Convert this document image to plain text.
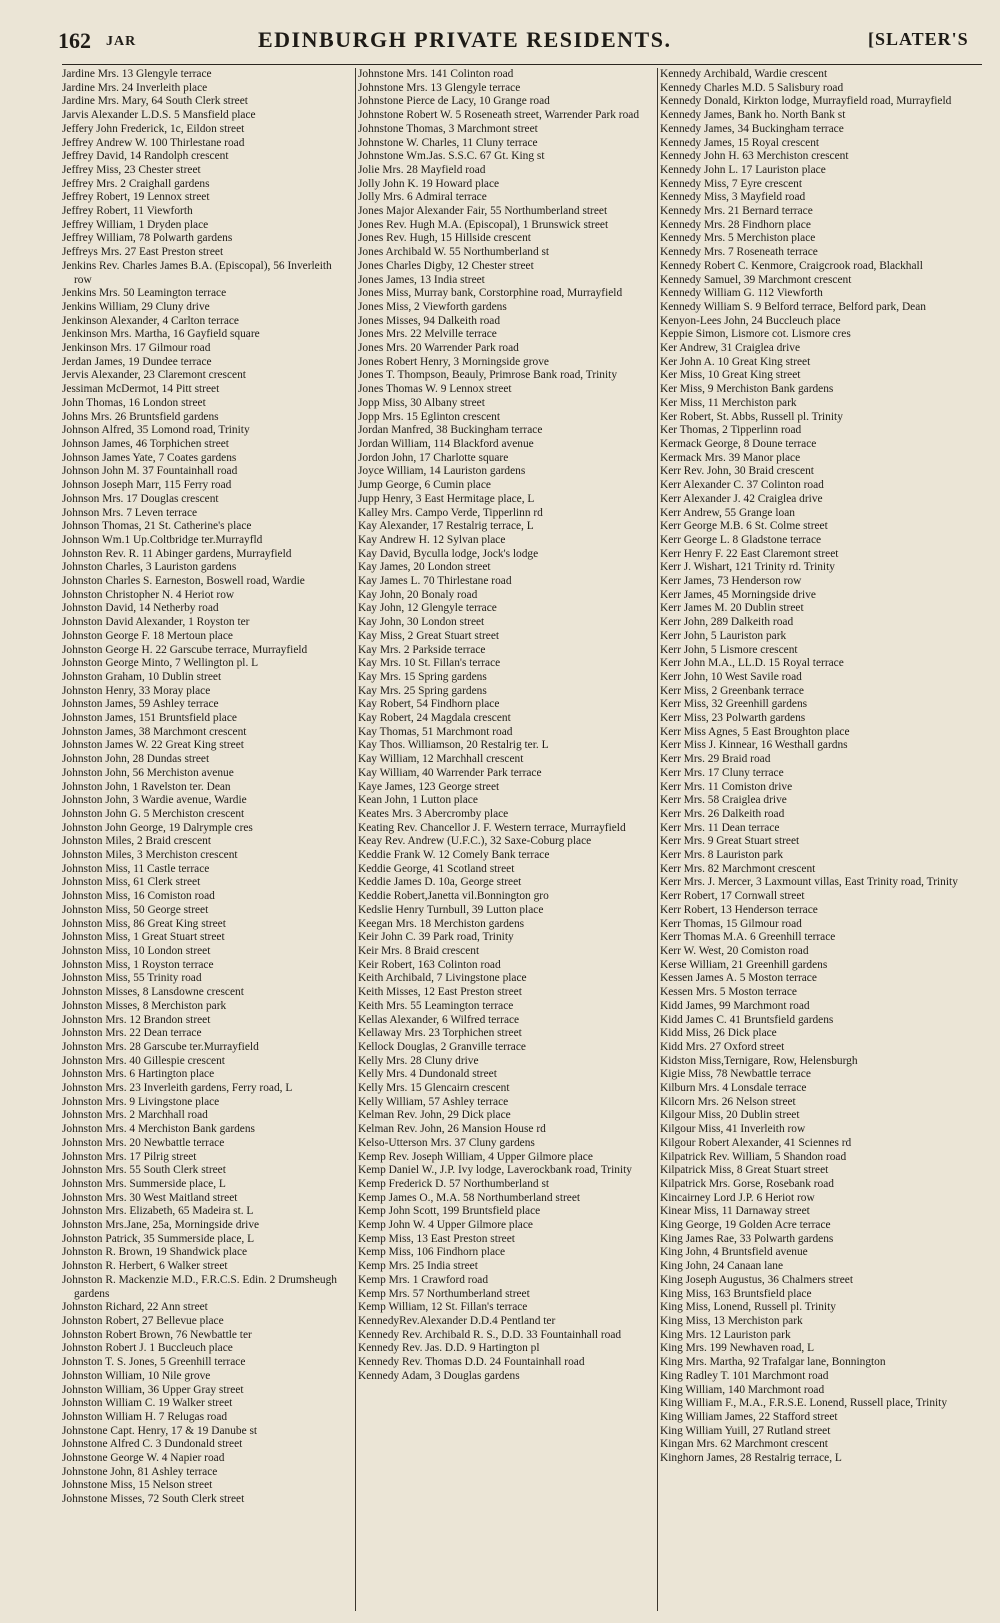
162 JAR	EDINBURGH PRIVATE RESIDENTS.	[SLATER'S
Jardine Mrs. 13 Glengyle terrace
Jardine Mrs. 24 Inverleith place
Jardine Mrs. Mary, 64 South Clerk street
Jarvis Alexander L.D.S. 5 Mansfield place
Jeffery John Frederick, 1c, Eildon street
Jeffrey Andrew W. 100 Thirlestane road
Jeffrey David, 14 Randolph crescent
Jeffrey Miss, 23 Chester street
Jeffrey Mrs. 2 Craighall gardens
Jeffrey Robert, 19 Lennox street
Jeffrey Robert, 11 Viewforth
Jeffrey William, 1 Dryden place
Jeffrey William, 78 Polwarth gardens
Jeffreys Mrs. 27 East Preston street
Jenkins Rev. Charles James B.A. (Episcopal), 56 Inverleith row
Jenkins Mrs. 50 Leamington terrace
Jenkins William, 29 Cluny drive
Jenkinson Alexander, 4 Carlton terrace
Jenkinson Mrs. Martha, 16 Gayfield square
Jenkinson Mrs. 17 Gilmour road
Jerdan James, 19 Dundee terrace
Jervis Alexander, 23 Claremont crescent
Jessiman McDermot, 14 Pitt street
John Thomas, 16 London street
Johns Mrs. 26 Bruntsfield gardens
Johnson Alfred, 35 Lomond road, Trinity
Johnson James, 46 Torphichen street
Johnson James Yate, 7 Coates gardens
Johnson John M. 37 Fountainhall road
Johnson Joseph Marr, 115 Ferry road
Johnson Mrs. 17 Douglas crescent
Johnson Mrs. 7 Leven terrace
Johnson Thomas, 21 St. Catherine's place
Johnson Wm.1 Up.Coltbridge ter.Murrayfld
Johnston Rev. R. 11 Abinger gardens, Murrayfield
Johnston Charles, 3 Lauriston gardens
Johnston Charles S. Earneston, Boswell road, Wardie
Johnston Christopher N. 4 Heriot row
Johnston David, 14 Netherby road
Johnston David Alexander, 1 Royston ter
Johnston George F. 18 Mertoun place
Johnston George H. 22 Garscube terrace, Murrayfield
Johnston George Minto, 7 Wellington pl. L
Johnston Graham, 10 Dublin street
Johnston Henry, 33 Moray place
Johnston James, 59 Ashley terrace
Johnston James, 151 Bruntsfield place
Johnston James, 38 Marchmont crescent
Johnston James W. 22 Great King street
Johnston John, 28 Dundas street
Johnston John, 56 Merchiston avenue
Johnston John, 1 Ravelston ter. Dean
Johnston John, 3 Wardie avenue, Wardie
Johnston John G. 5 Merchiston crescent
Johnston John George, 19 Dalrymple cres
Johnston Miles, 2 Braid crescent
Johnston Miles, 3 Merchiston crescent
Johnston Miss, 11 Castle terrace
Johnston Miss, 61 Clerk street
Johnston Miss, 16 Comiston road
Johnston Miss, 50 George street
Johnston Miss, 86 Great King street
Johnston Miss, 1 Great Stuart street
Johnston Miss, 10 London street
Johnston Miss, 1 Royston terrace
Johnston Miss, 55 Trinity road
Johnston Misses, 8 Lansdowne crescent
Johnston Misses, 8 Merchiston park
Johnston Mrs. 12 Brandon street
Johnston Mrs. 22 Dean terrace
Johnston Mrs. 28 Garscube ter.Murrayfield
Johnston Mrs. 40 Gillespie crescent
Johnston Mrs. 6 Hartington place
Johnston Mrs. 23 Inverleith gardens, Ferry road, L
Johnston Mrs. 9 Livingstone place
Johnston Mrs. 2 Marchhall road
Johnston Mrs. 4 Merchiston Bank gardens
Johnston Mrs. 20 Newbattle terrace
Johnston Mrs. 17 Pilrig street
Johnston Mrs. 55 South Clerk street
Johnston Mrs. Summerside place, L
Johnston Mrs. 30 West Maitland street
Johnston Mrs. Elizabeth, 65 Madeira st. L
Johnston Mrs.Jane, 25a, Morningside drive
Johnston Patrick, 35 Summerside place, L
Johnston R. Brown, 19 Shandwick place
Johnston R. Herbert, 6 Walker street
Johnston R. Mackenzie M.D., F.R.C.S. Edin. 2 Drumsheugh gardens
Johnston Richard, 22 Ann street
Johnston Robert, 27 Bellevue place
Johnston Robert Brown, 76 Newbattle ter
Johnston Robert J. 1 Buccleuch place
Johnston T. S. Jones, 5 Greenhill terrace
Johnston William, 10 Nile grove
Johnston William, 36 Upper Gray street
Johnston William C. 19 Walker street
Johnston William H. 7 Relugas road
Johnstone Capt. Henry, 17 & 19 Danube st
Johnstone Alfred C. 3 Dundonald street
Johnstone George W. 4 Napier road
Johnstone John, 81 Ashley terrace
Johnstone Miss, 15 Nelson street
Johnstone Misses, 72 South Clerk street
Johnstone Mrs. 141 Colinton road
Johnstone Mrs. 13 Glengyle terrace
Johnstone Pierce de Lacy, 10 Grange road
Johnstone Robert W. 5 Roseneath street, Warrender Park road
Johnstone Thomas, 3 Marchmont street
Johnstone W. Charles, 11 Cluny terrace
Johnstone Wm.Jas. S.S.C. 67 Gt. King st
Jolie Mrs. 28 Mayfield road
Jolly John K. 19 Howard place
Jolly Mrs. 6 Admiral terrace
Jones Major Alexander Fair, 55 Northumberland street
Jones Rev. Hugh M.A. (Episcopal), 1 Brunswick street
Jones Rev. Hugh, 15 Hillside crescent
Jones Archibald W. 55 Northumberland st
Jones Charles Digby, 12 Chester street
Jones James, 13 India street
Jones Miss, Murray bank, Corstorphine road, Murrayfield
Jones Miss, 2 Viewforth gardens
Jones Misses, 94 Dalkeith road
Jones Mrs. 22 Melville terrace
Jones Mrs. 20 Warrender Park road
Jones Robert Henry, 3 Morningside grove
Jones T. Thompson, Beauly, Primrose Bank road, Trinity
Jones Thomas W. 9 Lennox street
Jopp Miss, 30 Albany street
Jopp Mrs. 15 Eglinton crescent
Jordan Manfred, 38 Buckingham terrace
Jordan William, 114 Blackford avenue
Jordon John, 17 Charlotte square
Joyce William, 14 Lauriston gardens
Jump George, 6 Cumin place
Jupp Henry, 3 East Hermitage place, L
Kalley Mrs. Campo Verde, Tipperlinn rd
Kay Alexander, 17 Restalrig terrace, L
Kay Andrew H. 12 Sylvan place
Kay David, Byculla lodge, Jock's lodge
Kay James, 20 London street
Kay James L. 70 Thirlestane road
Kay John, 20 Bonaly road
Kay John, 12 Glengyle terrace
Kay John, 30 London street
Kay Miss, 2 Great Stuart street
Kay Mrs. 2 Parkside terrace
Kay Mrs. 10 St. Fillan's terrace
Kay Mrs. 15 Spring gardens
Kay Mrs. 25 Spring gardens
Kay Robert, 54 Findhorn place
Kay Robert, 24 Magdala crescent
Kay Thomas, 51 Marchmont road
Kay Thos. Williamson, 20 Restalrig ter. L
Kay William, 12 Marchhall crescent
Kay William, 40 Warrender Park terrace
Kaye James, 123 George street
Kean John, 1 Lutton place
Keates Mrs. 3 Abercromby place
Keating Rev. Chancellor J. F. Western terrace, Murrayfield
Keay Rev. Andrew (U.F.C.), 32 Saxe-Coburg place
Keddie Frank W. 12 Comely Bank terrace
Keddie George, 41 Scotland street
Keddie James D. 10a, George street
Keddie Robert,Janetta vil.Bonnington gro
Kedslie Henry Turnbull, 39 Lutton place
Keegan Mrs. 18 Merchiston gardens
Keir John C. 39 Park road, Trinity
Keir Mrs. 8 Braid crescent
Keir Robert, 163 Colinton road
Keith Archibald, 7 Livingstone place
Keith Misses, 12 East Preston street
Keith Mrs. 55 Leamington terrace
Kellas Alexander, 6 Wilfred terrace
Kellaway Mrs. 23 Torphichen street
Kellock Douglas, 2 Granville terrace
Kelly Mrs. 28 Cluny drive
Kelly Mrs. 4 Dundonald street
Kelly Mrs. 15 Glencairn crescent
Kelly William, 57 Ashley terrace
Kelman Rev. John, 29 Dick place
Kelman Rev. John, 26 Mansion House rd
Kelso-Utterson Mrs. 37 Cluny gardens
Kemp Rev. Joseph William, 4 Upper Gilmore place
Kemp Daniel W., J.P. Ivy lodge, Laverockbank road, Trinity
Kemp Frederick D. 57 Northumberland st
Kemp James O., M.A. 58 Northumberland street
Kemp John Scott, 199 Bruntsfield place
Kemp John W. 4 Upper Gilmore place
Kemp Miss, 13 East Preston street
Kemp Miss, 106 Findhorn place
Kemp Mrs. 25 India street
Kemp Mrs. 1 Crawford road
Kemp Mrs. 57 Northumberland street
Kemp William, 12 St. Fillan's terrace
KennedyRev.Alexander D.D.4 Pentland ter
Kennedy Rev. Archibald R. S., D.D. 33 Fountainhall road
Kennedy Rev. Jas. D.D. 9 Hartington pl
Kennedy Rev. Thomas D.D. 24 Fountainhall road
Kennedy Adam, 3 Douglas gardens
Kennedy Archibald, Wardie crescent
Kennedy Charles M.D. 5 Salisbury road
Kennedy Donald, Kirkton lodge, Murrayfield road, Murrayfield
Kennedy James, Bank ho. North Bank st
Kennedy James, 34 Buckingham terrace
Kennedy James, 15 Royal crescent
Kennedy John H. 63 Merchiston crescent
Kennedy John L. 17 Lauriston place
Kennedy Miss, 7 Eyre crescent
Kennedy Miss, 3 Mayfield road
Kennedy Mrs. 21 Bernard terrace
Kennedy Mrs. 28 Findhorn place
Kennedy Mrs. 5 Merchiston place
Kennedy Mrs. 7 Roseneath terrace
Kennedy Robert C. Kenmore, Craigcrook road, Blackhall
Kennedy Samuel, 39 Marchmont crescent
Kennedy William G. 112 Viewforth
Kennedy William S. 9 Belford terrace, Belford park, Dean
Kenyon-Lees John, 24 Buccleuch place
Keppie Simon, Lismore cot. Lismore cres
Ker Andrew, 31 Craiglea drive
Ker John A. 10 Great King street
Ker Miss, 10 Great King street
Ker Miss, 9 Merchiston Bank gardens
Ker Miss, 11 Merchiston park
Ker Robert, St. Abbs, Russell pl. Trinity
Ker Thomas, 2 Tipperlinn road
Kermack George, 8 Doune terrace
Kermack Mrs. 39 Manor place
Kerr Rev. John, 30 Braid crescent
Kerr Alexander C. 37 Colinton road
Kerr Alexander J. 42 Craiglea drive
Kerr Andrew, 55 Grange loan
Kerr George M.B. 6 St. Colme street
Kerr George L. 8 Gladstone terrace
Kerr Henry F. 22 East Claremont street
Kerr J. Wishart, 121 Trinity rd. Trinity
Kerr James, 73 Henderson row
Kerr James, 45 Morningside drive
Kerr James M. 20 Dublin street
Kerr John, 289 Dalkeith road
Kerr John, 5 Lauriston park
Kerr John, 5 Lismore crescent
Kerr John M.A., LL.D. 15 Royal terrace
Kerr John, 10 West Savile road
Kerr Miss, 2 Greenbank terrace
Kerr Miss, 32 Greenhill gardens
Kerr Miss, 23 Polwarth gardens
Kerr Miss Agnes, 5 East Broughton place
Kerr Miss J. Kinnear, 16 Westhall gardns
Kerr Mrs. 29 Braid road
Kerr Mrs. 17 Cluny terrace
Kerr Mrs. 11 Comiston drive
Kerr Mrs. 58 Craiglea drive
Kerr Mrs. 26 Dalkeith road
Kerr Mrs. 11 Dean terrace
Kerr Mrs. 9 Great Stuart street
Kerr Mrs. 8 Lauriston park
Kerr Mrs. 82 Marchmont crescent
Kerr Mrs. J. Mercer, 3 Laxmount villas, East Trinity road, Trinity
Kerr Robert, 17 Cornwall street
Kerr Robert, 13 Henderson terrace
Kerr Thomas, 15 Gilmour road
Kerr Thomas M.A. 6 Greenhill terrace
Kerr W. West, 20 Comiston road
Kerse William, 21 Greenhill gardens
Kessen James A. 5 Moston terrace
Kessen Mrs. 5 Moston terrace
Kidd James, 99 Marchmont road
Kidd James C. 41 Bruntsfield gardens
Kidd Miss, 26 Dick place
Kidd Mrs. 27 Oxford street
Kidston Miss,Ternigare, Row, Helensburgh
Kigie Miss, 78 Newbattle terrace
Kilburn Mrs. 4 Lonsdale terrace
Kilcorn Mrs. 26 Nelson street
Kilgour Miss, 20 Dublin street
Kilgour Miss, 41 Inverleith row
Kilgour Robert Alexander, 41 Sciennes rd
Kilpatrick Rev. William, 5 Shandon road
Kilpatrick Miss, 8 Great Stuart street
Kilpatrick Mrs. Gorse, Rosebank road
Kincairney Lord J.P. 6 Heriot row
Kinear Miss, 11 Darnaway street
King George, 19 Golden Acre terrace
King James Rae, 33 Polwarth gardens
King John, 4 Bruntsfield avenue
King John, 24 Canaan lane
King Joseph Augustus, 36 Chalmers street
King Miss, 163 Bruntsfield place
King Miss, Lonend, Russell pl. Trinity
King Miss, 13 Merchiston park
King Mrs. 12 Lauriston park
King Mrs. 199 Newhaven road, L
King Mrs. Martha, 92 Trafalgar lane, Bonnington
King Radley T. 101 Marchmont road
King William, 140 Marchmont road
King William F., M.A., F.R.S.E. Lonend, Russell place, Trinity
King William James, 22 Stafford street
King William Yuill, 27 Rutland street
Kingan Mrs. 62 Marchmont crescent
Kinghorn James, 28 Restalrig terrace, L
